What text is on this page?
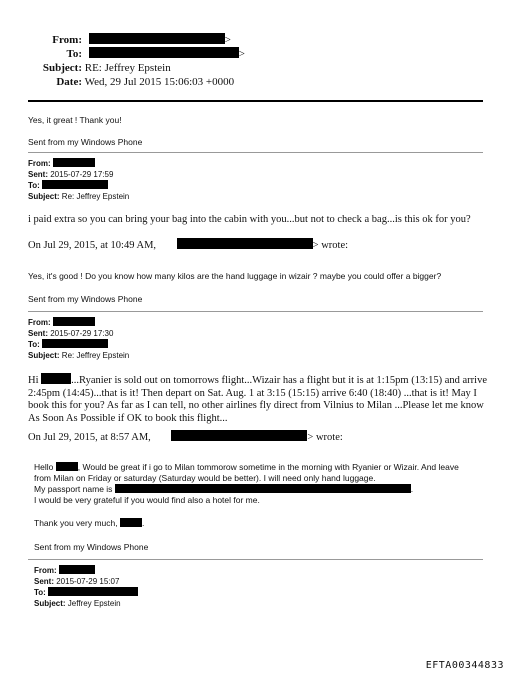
From:	>
To:	>
Subject: RE: Jeffrey Epstein
Date: Wed, 29 Jul 2015 15:06:03 +0000
Yes, it great ! Thank you!
Sent from my Windows Phone
From:
Sent: 2015-07-29 17:59
To:
Subject: Re: Jeffrey Epstein
i paid extra so you can bring your bag into the cabin with you...but not to check a bag...is this ok for you?
On Jul 29, 2015, at 10:49 AM,	> wrote:
Yes, it's good ! Do you know how many kilos are the hand luggage in wizair ? maybe you could offer a bigger?
Sent from my Windows Phone
From:
Sent: 2015-07-29 17:30
To:
Subject: Re: Jeffrey Epstein
Hi	...Ryanier is sold out on tomorrows flight...Wizair has a flight but it is at 1:15pm (13:15) and arrive
2:45pm (14:45)...that is it! Then depart on Sat. Aug. 1 at 3:15 (15:15) arrive 6:40 (18:40) ...that is it! May I
book this for you? As far as I can tell, no other airlines fly direct from Vilnius to Milan ...Please let me know
As Soon As Possible if OK to book this flight...
On Jul 29, 2015, at 8:57 AM,	> wrote:
Hello	, Would be great if i go to Milan tommorow sometime in the morning with Ryanier or Wizair. And leave
from Milan on Friday or saturday (Saturday would be better). I will need only hand luggage.
My passport name is	.
I would be very grateful if you would find also a hotel for me.
Thank you very much,	.
Sent from my Windows Phone
From:
Sent: 2015-07-29 15:07
To:
Subject: Jeffrey Epstein
EFTA00344833
